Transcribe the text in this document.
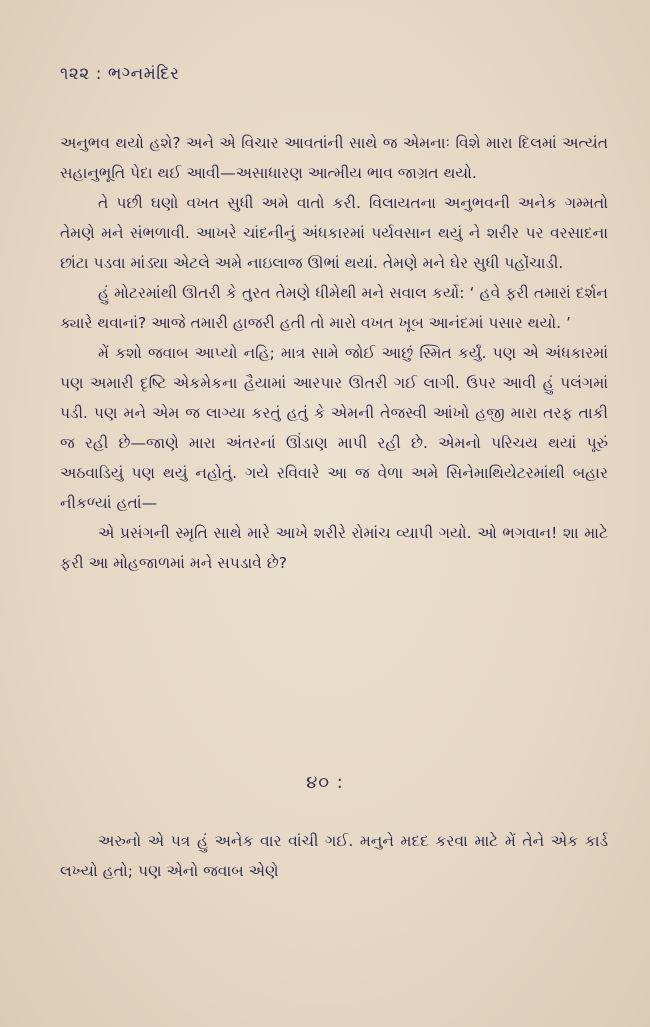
૧૨૨ : ભગ્નમંદિર

અનુભવ થયો હશે? અને એ વિચાર આવતાંની સાથે જ એમનાઃ વિશે મારા દિલમાં અત્યંત સહાનુભૂતિ પેદા થઈ આવી—અસાધારણ આત્મીય ભાવ જાગ્રત થયો.

તે પછી ઘણો વખત સુધી અમે વાતો કરી. વિલાયતના અનુભવની અનેક ગમ્મતો તેમણે મને સંભળાવી. આખરે ચાંદનીનું અંધકારમાં પર્યવસાન થયું ને શરીર પર વરસાદના છાંટા પડવા માંડ્યા એટલે અમે નાઇલાજ ઊભાં થયાં. તેમણે મને ઘેર સુધી પહોંચાડી.

હું મોટરમાંથી ઊતરી કે તુરત તેમણે ધીમેથી મને સવાલ કર્યો: ‘ હવે ફરી તમારાં દર્શન ક્યારે થવાનાં? આજે તમારી હાજરી હતી તો મારો વખત ખૂબ આનંદમાં પસાર થયો. ’

મેં કશો જવાબ આપ્યો નહિ; માત્ર સામે જોઈ આછું સ્મિત કર્યું. પણ એ અંધકારમાં પણ અમારી દૃષ્ટિ એકમેકના હૈયામાં આરપાર ઊતરી ગઈ લાગી. ઉપર આવી હું પલંગમાં પડી. પણ મને એમ જ લાગ્યા કરતું હતું કે એમની તેજસ્વી આંખો હજી મારા તરફ તાકી જ રહી છે—જાણે મારા અંતરનાં ઊંડાણ માપી રહી છે. એમનો પરિચય થયાં પૂરું અઠવાડિયું પણ થયું નહોતું. ગયે રવિવારે આ જ વેળા અમે સિનેમાથિયેટરમાંથી બહાર નીકળ્યાં હતાં—

એ પ્રસંગની સ્મૃતિ સાથે મારે આખે શરીરે રોમાંચ વ્યાપી ગયો. ઓ ભગવાન! શા માટે ફરી આ મોહજાળમાં મને સપડાવે છે?

૪૦ :

અરુનો એ પત્ર હું અનેક વાર વાંચી ગઈ. મનુને મદદ કરવા માટે મેં તેને એક કાર્ડ લખ્યો હતો; પણ એનો જવાબ એણે
